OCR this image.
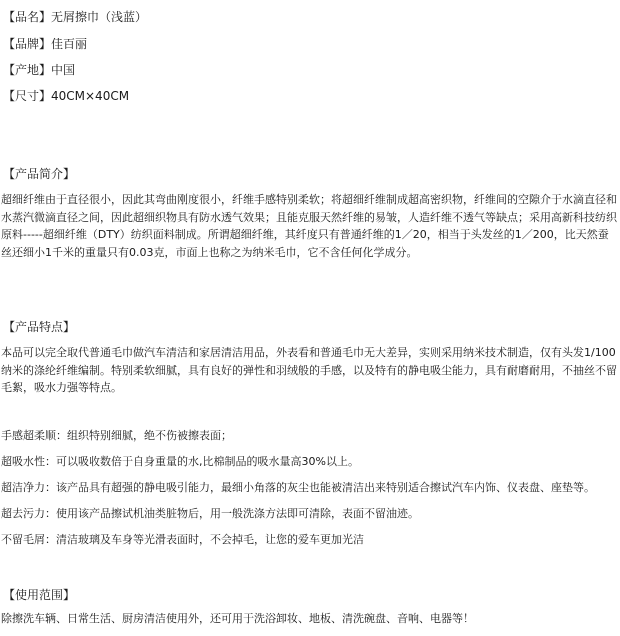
【品名】无屑擦巾（浅蓝）
【品牌】佳百丽
【产地】中国
【尺寸】40CM×40CM
【产品简介】
超细纤维由于直径很小，因此其弯曲刚度很小，纤维手感特别柔软；将超细纤维制成超高密织物，纤维间的空隙介于水滴直径和水蒸汽微滴直径之间，因此超细织物具有防水透气效果；且能克服天然纤维的易皱，人造纤维不透气等缺点；采用高新科技纺织原料-----超细纤维（DTY）纺织面料制成。所谓超细纤维，其纤度只有普通纤维的1／20，相当于头发丝的1／200，比天然蚕丝还细小1千米的重量只有0.03克，市面上也称之为纳米毛巾，它不含任何化学成分。
【产品特点】
本品可以完全取代普通毛巾做汽车清洁和家居清洁用品，外表看和普通毛巾无大差异，实则采用纳米技术制造，仅有头发1/100纳米的涤纶纤维编制。特别柔软细腻，具有良好的弹性和羽绒般的手感，以及特有的静电吸尘能力，具有耐磨耐用，不抽丝不留毛絮，吸水力强等特点。
手感超柔顺：组织特别细腻，绝不伤被擦表面；
超吸水性：可以吸收数倍于自身重量的水,比棉制品的吸水量高30%以上。
超洁净力：该产品具有超强的静电吸引能力，最细小角落的灰尘也能被清洁出来特别适合擦试汽车内饰、仪表盘、座垫等。
超去污力：使用该产品擦试机油类脏物后，用一般洗涤方法即可清除，表面不留油迹。
不留毛屑：清洁玻璃及车身等光滑表面时，不会掉毛，让您的爱车更加光洁
【使用范围】
除擦洗车辆、日常生活、厨房清洁使用外，还可用于洗浴卸妆、地板、清洗碗盘、音响、电器等！
